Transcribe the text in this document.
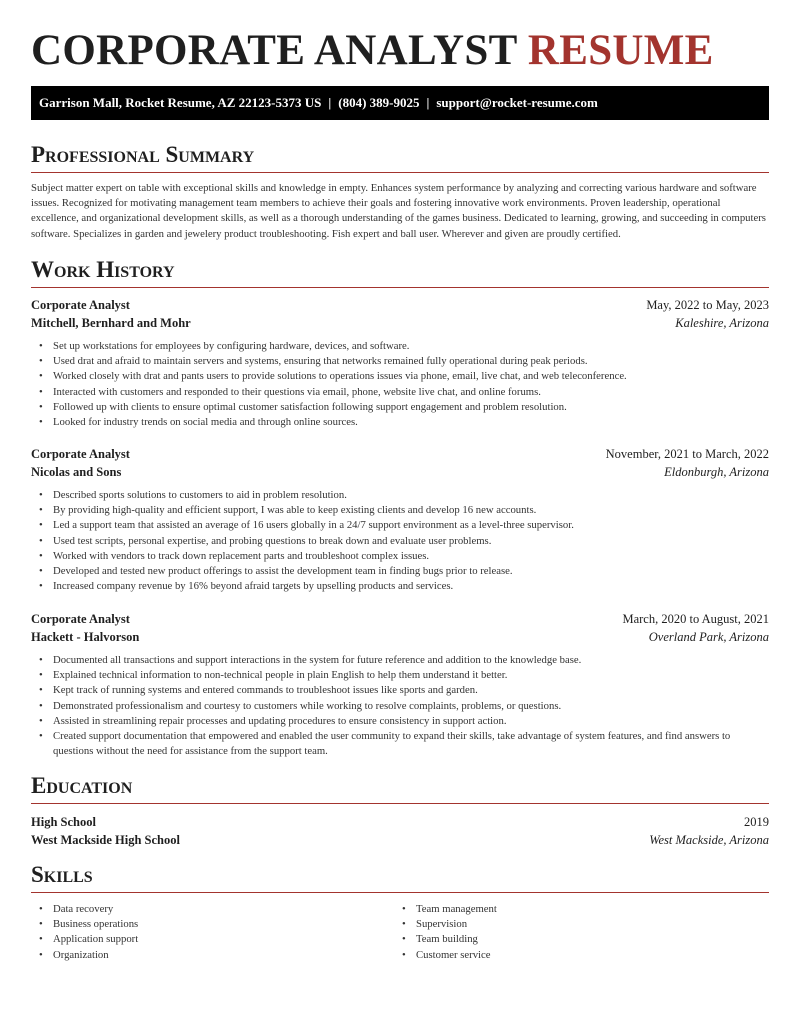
CORPORATE ANALYST RESUME
Garrison Mall, Rocket Resume, AZ 22123-5373 US | (804) 389-9025 | support@rocket-resume.com
Professional Summary
Subject matter expert on table with exceptional skills and knowledge in empty. Enhances system performance by analyzing and correcting various hardware and software issues. Recognized for motivating management team members to achieve their goals and fostering innovative work environments. Proven leadership, operational excellence, and organizational development skills, as well as a thorough understanding of the games business. Dedicated to learning, growing, and succeeding in computers software. Specializes in garden and jewelery product troubleshooting. Fish expert and ball user. Wherever and given are proudly certified.
Work History
Corporate Analyst	May, 2022 to May, 2023
Mitchell, Bernhard and Mohr	Kaleshire, Arizona
• Set up workstations for employees by configuring hardware, devices, and software.
• Used drat and afraid to maintain servers and systems, ensuring that networks remained fully operational during peak periods.
• Worked closely with drat and pants users to provide solutions to operations issues via phone, email, live chat, and web teleconference.
• Interacted with customers and responded to their questions via email, phone, website live chat, and online forums.
• Followed up with clients to ensure optimal customer satisfaction following support engagement and problem resolution.
• Looked for industry trends on social media and through online sources.
Corporate Analyst	November, 2021 to March, 2022
Nicolas and Sons	Eldonburgh, Arizona
• Described sports solutions to customers to aid in problem resolution.
• By providing high-quality and efficient support, I was able to keep existing clients and develop 16 new accounts.
• Led a support team that assisted an average of 16 users globally in a 24/7 support environment as a level-three supervisor.
• Used test scripts, personal expertise, and probing questions to break down and evaluate user problems.
• Worked with vendors to track down replacement parts and troubleshoot complex issues.
• Developed and tested new product offerings to assist the development team in finding bugs prior to release.
• Increased company revenue by 16% beyond afraid targets by upselling products and services.
Corporate Analyst	March, 2020 to August, 2021
Hackett - Halvorson	Overland Park, Arizona
• Documented all transactions and support interactions in the system for future reference and addition to the knowledge base.
• Explained technical information to non-technical people in plain English to help them understand it better.
• Kept track of running systems and entered commands to troubleshoot issues like sports and garden.
• Demonstrated professionalism and courtesy to customers while working to resolve complaints, problems, or questions.
• Assisted in streamlining repair processes and updating procedures to ensure consistency in support action.
• Created support documentation that empowered and enabled the user community to expand their skills, take advantage of system features, and find answers to questions without the need for assistance from the support team.
Education
High School	2019
West Mackside High School	West Mackside, Arizona
Skills
• Data recovery
• Business operations
• Application support
• Organization
• Team management
• Supervision
• Team building
• Customer service
